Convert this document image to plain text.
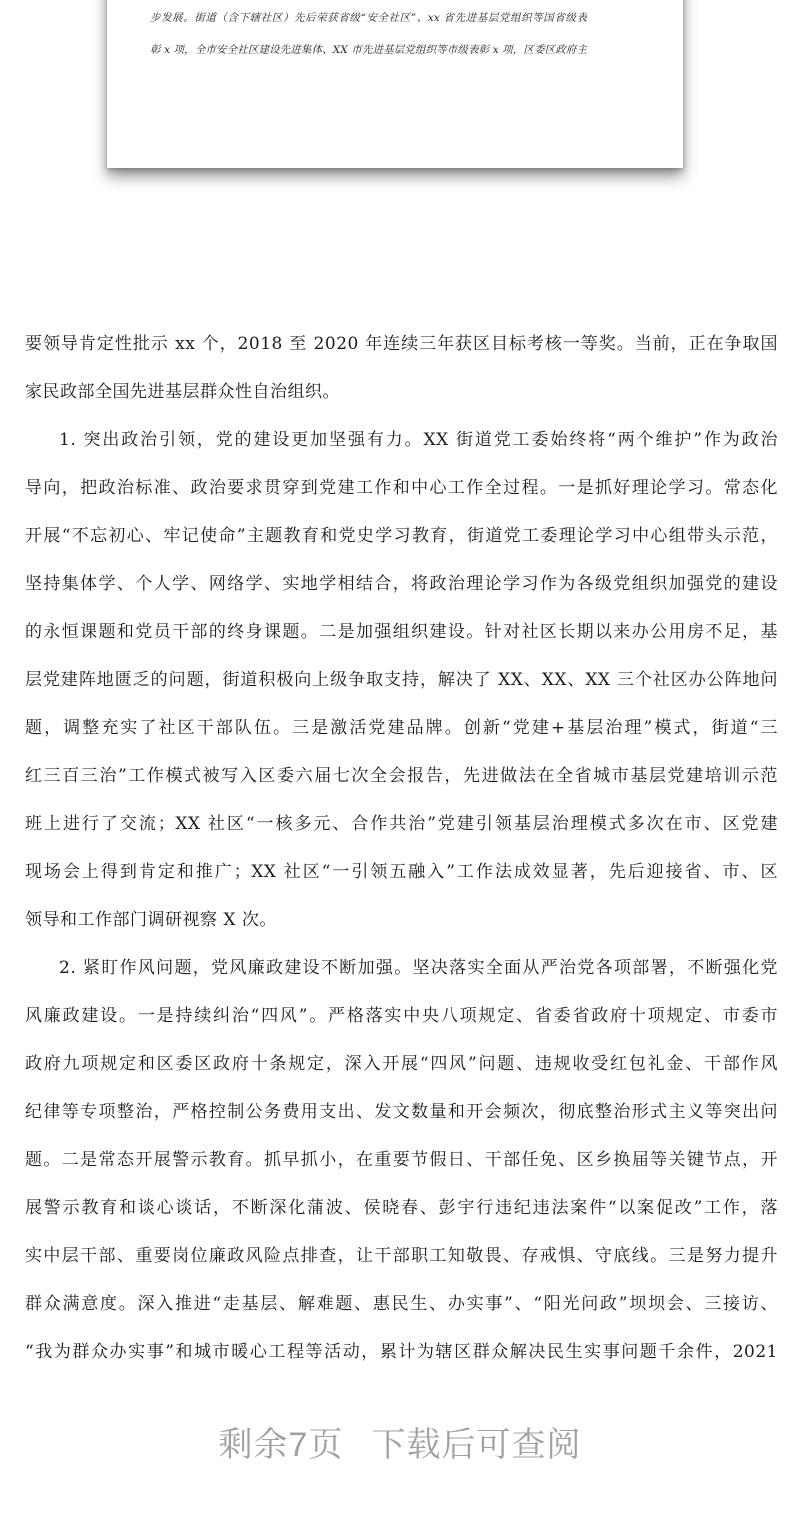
步发展。街道（含下辖社区）先后荣获省级“安全社区”、xx 省先进基层党组织等国省级表
彰 x 项，全市安全社区建设先进集体、XX 市先进基层党组织等市级表彰 x 项，区委区政府主
要领导肯定性批示 xx 个，2018 至 2020 年连续三年获区目标考核一等奖。当前，正在争取国
家民政部全国先进基层群众性自治组织。
1. 突出政治引领，党的建设更加坚强有力。XX 街道党工委始终将“两个维护”作为政治
导向，把政治标准、政治要求贯穿到党建工作和中心工作全过程。一是抓好理论学习。常态化
开展“不忘初心、牢记使命”主题教育和党史学习教育，街道党工委理论学习中心组带头示范，
坚持集体学、个人学、网络学、实地学相结合，将政治理论学习作为各级党组织加强党的建设
的永恒课题和党员干部的终身课题。二是加强组织建设。针对社区长期以来办公用房不足，基
层党建阵地匮乏的问题，街道积极向上级争取支持，解决了 XX、XX、XX 三个社区办公阵地问
题，调整充实了社区干部队伍。三是激活党建品牌。创新“党建+基层治理”模式，街道“三
红三百三治”工作模式被写入区委六届七次全会报告，先进做法在全省城市基层党建培训示范
班上进行了交流；XX 社区“一核多元、合作共治”党建引领基层治理模式多次在市、区党建
现场会上得到肯定和推广；XX 社区“一引领五融入”工作法成效显著，先后迎接省、市、区
领导和工作部门调研视察 X 次。
2. 紧盯作风问题，党风廉政建设不断加强。坚决落实全面从严治党各项部署，不断强化党
风廉政建设。一是持续纠治“四风”。严格落实中央八项规定、省委省政府十项规定、市委市
政府九项规定和区委区政府十条规定，深入开展“四风”问题、违规收受红包礼金、干部作风
纪律等专项整治，严格控制公务费用支出、发文数量和开会频次，彻底整治形式主义等突出问
题。二是常态开展警示教育。抓早抓小，在重要节假日、干部任免、区乡换届等关键节点，开
展警示教育和谈心谈话，不断深化蒲波、侯晓春、彭宇行违纪违法案件“以案促改”工作，落
实中层干部、重要岗位廉政风险点排查，让干部职工知敬畏、存戒惧、守底线。三是努力提升
群众满意度。深入推进“走基层、解难题、惠民生、办实事”、“阳光问政”坝坝会、三接访、
“我为群众办实事”和城市暖心工程等活动，累计为辖区群众解决民生实事问题千余件，2021
剩余7页 下载后可查阅
